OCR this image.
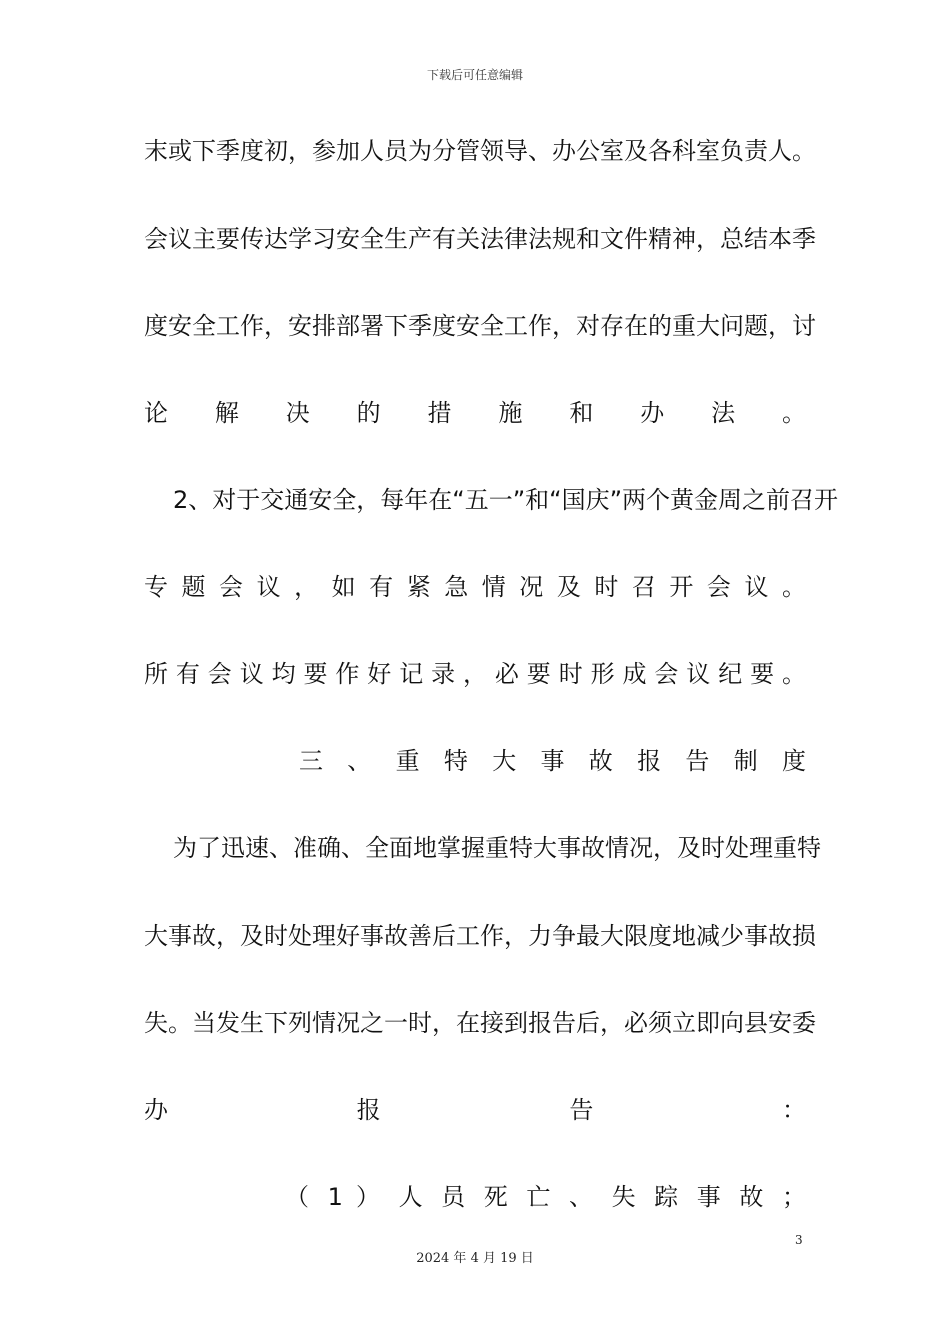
下载后可任意编辑
末或下季度初，参加人员为分管领导、办公室及各科室负责人。
会议主要传达学习安全生产有关法律法规和文件精神，总结本季
度安全工作，安排部署下季度安全工作，对存在的重大问题，讨
论 解 决 的 措 施 和 办 法 。
2、对于交通安全，每年在“五一”和“国庆”两个黄金周之前召开
专 题 会 议 ， 如 有 紧 急 情 况 及 时 召 开 会 议 。
所 有 会 议 均 要 作 好 记 录 ， 必 要 时 形 成 会 议 纪 要 。
三 、 重 特 大 事 故 报 告 制 度
为了迅速、准确、全面地掌握重特大事故情况，及时处理重特
大事故，及时处理好事故善后工作，力争最大限度地减少事故损
失。当发生下列情况之一时，在接到报告后，必须立即向县安委
办 报 告 ：
（ 1 ） 人 员 死 亡 、 失 踪 事 故 ；
3
2024 年 4 月 19 日
